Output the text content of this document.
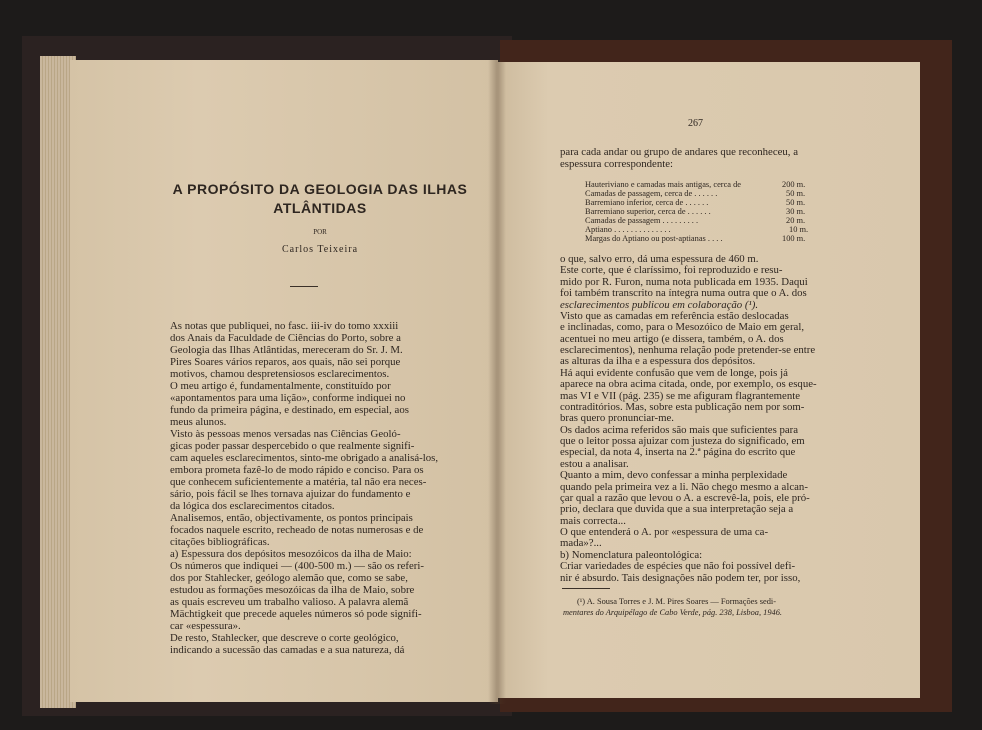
A PROPÓSITO DA GEOLOGIA DAS ILHAS
ATLÂNTIDAS
POR
Carlos Teixeira
As notas que publiquei, no fasc. iii-iv do tomo xxxiii
dos Anais da Faculdade de Ciências do Porto, sobre a
Geologia das Ilhas Atlântidas, mereceram do Sr. J. M.
Pires Soares vários reparos, aos quais, não sei porque
motivos, chamou despretensiosos esclarecimentos.
O meu artigo é, fundamentalmente, constituído por
«apontamentos para uma lição», conforme indiquei no
fundo da primeira página, e destinado, em especial, aos
meus alunos.
Visto às pessoas menos versadas nas Ciências Geoló-
gicas poder passar despercebido o que realmente signifi-
cam aqueles esclarecimentos, sinto-me obrigado a analisá-los,
embora prometa fazê-lo de modo rápido e conciso. Para os
que conhecem suficientemente a matéria, tal não era neces-
sário, pois fácil se lhes tornava ajuizar do fundamento e
da lógica dos esclarecimentos citados.
Analisemos, então, objectivamente, os pontos principais
focados naquele escrito, recheado de notas numerosas e de
citações bibliográficas.
a) Espessura dos depósitos mesozóicos da ilha de Maio:
Os números que indiquei — (400-500 m.) — são os referi-
dos por Stahlecker, geólogo alemão que, como se sabe,
estudou as formações mesozóicas da ilha de Maio, sobre
as quais escreveu um trabalho valioso. A palavra alemã
Mächtigkeit que precede aqueles números só pode signifi-
car «espessura».
De resto, Stahlecker, que descreve o corte geológico,
indicando a sucessão das camadas e a sua natureza, dá
267
para cada andar ou grupo de andares que reconheceu, a
espessura correspondente:
Hauteriviano e camadas mais antigas, cerca de	200 m.
Camadas de passagem, cerca de . . . . . .	50 m.
Barremiano inferior, cerca de . . . . . .	50 m.
Barremiano superior, cerca de . . . . . .	30 m.
Camadas de passagem . . . . . . . . .	20 m.
Aptiano . . . . . . . . . . . . . .	10 m.
Margas do Aptiano ou post-aptianas . . . .	100 m.
o que, salvo erro, dá uma espessura de 460 m.
Este corte, que é claríssimo, foi reproduzido e resu-
mido por R. Furon, numa nota publicada em 1935. Daqui
foi também transcrito na íntegra numa outra que o A. dos
esclarecimentos publicou em colaboração (¹).
Visto que as camadas em referência estão deslocadas
e inclinadas, como, para o Mesozóico de Maio em geral,
acentuei no meu artigo (e dissera, também, o A. dos
esclarecimentos), nenhuma relação pode pretender-se entre
as alturas da ilha e a espessura dos depósitos.
Há aqui evidente confusão que vem de longe, pois já
aparece na obra acima citada, onde, por exemplo, os esque-
mas VI e VII (pág. 235) se me afiguram flagrantemente
contraditórios. Mas, sobre esta publicação nem por som-
bras quero pronunciar-me.
Os dados acima referidos são mais que suficientes para
que o leitor possa ajuizar com justeza do significado, em
especial, da nota 4, inserta na 2.ª página do escrito que
estou a analisar.
Quanto a mim, devo confessar a minha perplexidade
quando pela primeira vez a li. Não chego mesmo a alcan-
çar qual a razão que levou o A. a escrevê-la, pois, ele pró-
prio, declara que duvida que a sua interpretação seja a
mais correcta...
O que entenderá o A. por «espessura de uma ca-
mada»?...
b) Nomenclatura paleontológica:
Criar variedades de espécies que não foi possível defi-
nir é absurdo. Tais designações não podem ter, por isso,
(¹) A. Sousa Torres e J. M. Pires Soares — Formações sedi-
mentares do Arquipélago de Cabo Verde, pág. 238, Lisboa, 1946.
